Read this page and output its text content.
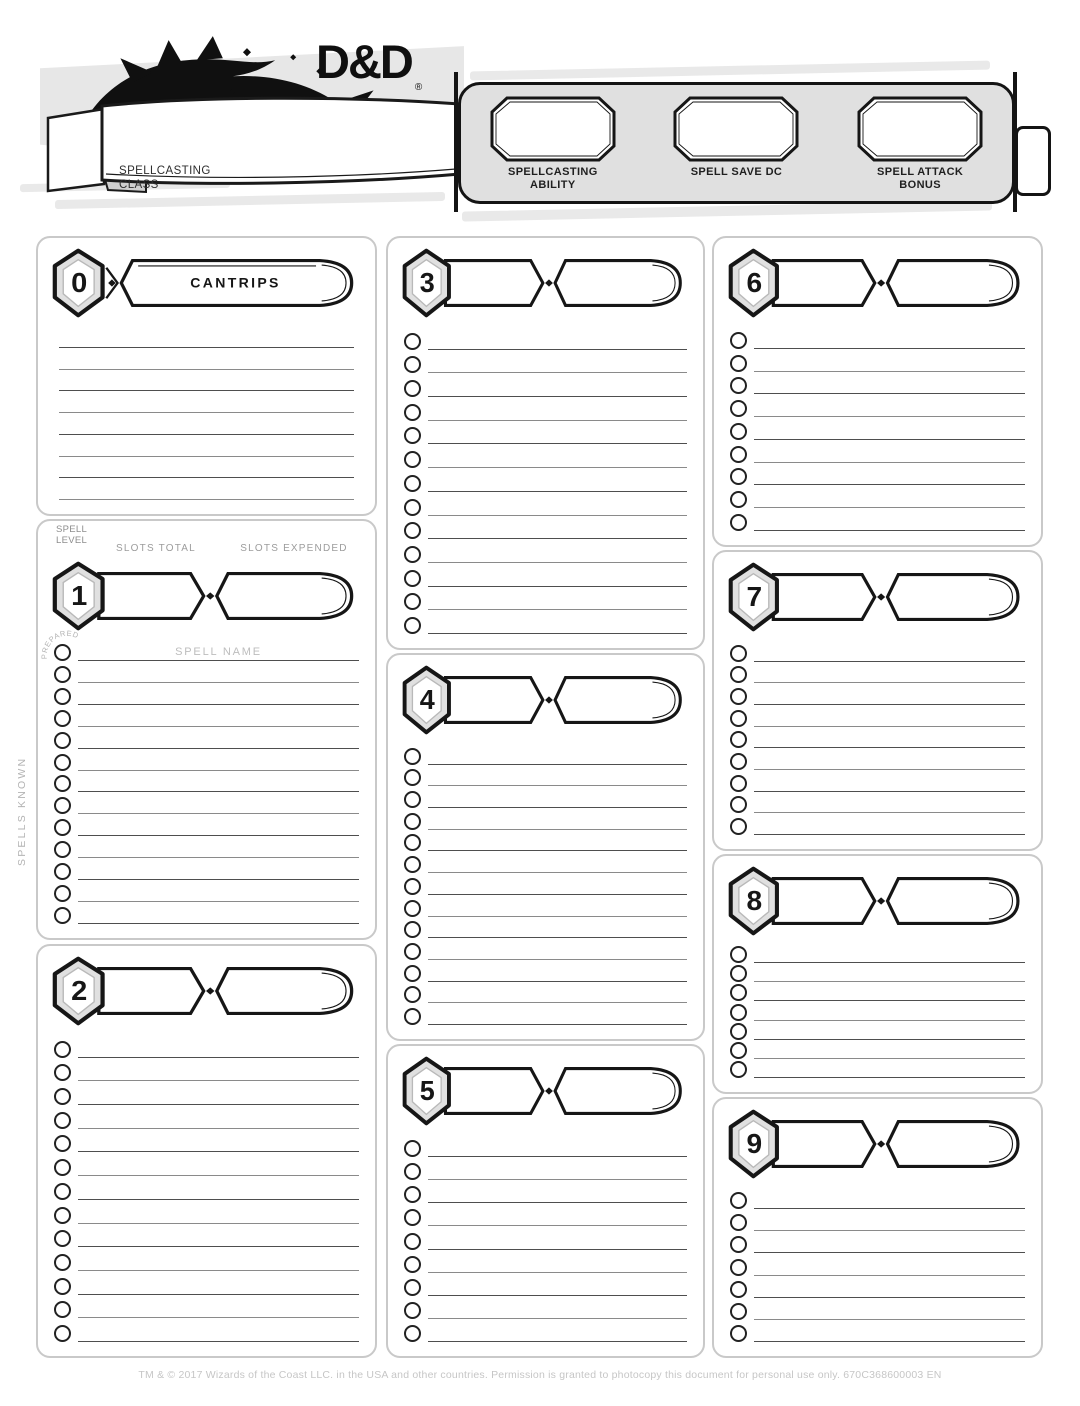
D&D $_®$
SPELLCASTING CLASS
SPELLCASTING ABILITY
SPELL SAVE DC	SPELL ATTACK BONUS
SPELLS KNOWN
CANTRIPS
0
SPELL LEVEL
SLOTS TOTAL	SLOTS EXPENDED
1
PREPARED
SPELL NAME
2
3
4
5
6
7
8
9
TM & © 2017 Wizards of the Coast LLC. in the USA and other countries. Permission is granted to photocopy this document for personal use only. 670C368600003 EN
